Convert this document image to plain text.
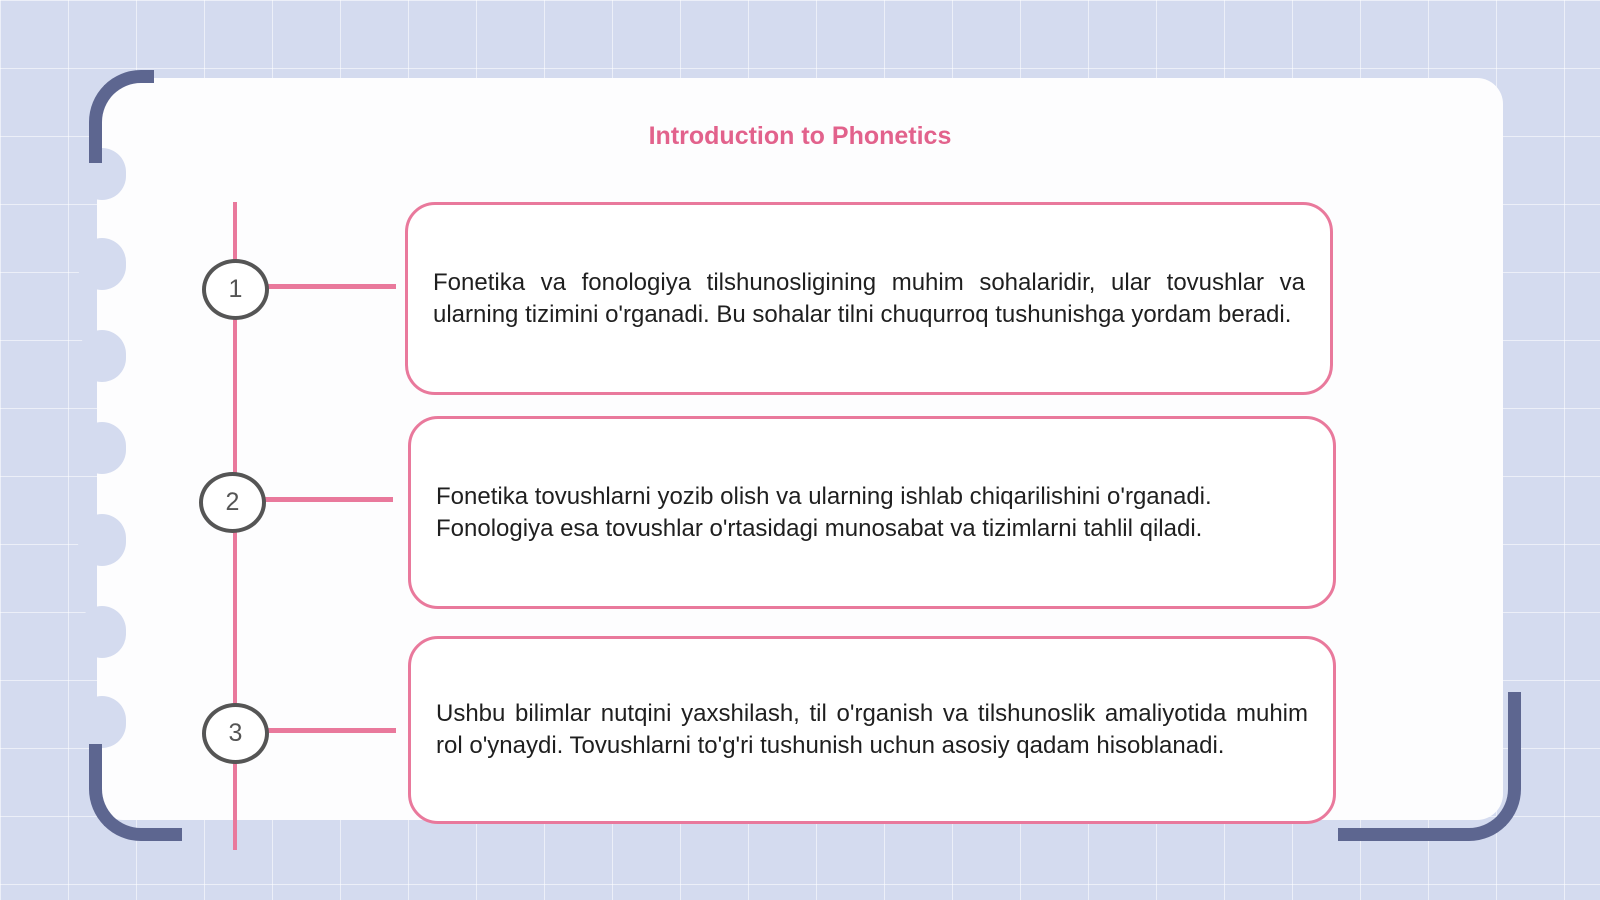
Introduction to Phonetics
1
2
3

Fonetika va fonologiya tilshunosligining muhim sohalaridir, ular tovushlar va ularning tizimini o'rganadi. Bu sohalar tilni chuqurroq tushunishga yordam beradi.

Fonetika tovushlarni yozib olish va ularning ishlab chiqarilishini o'rganadi. Fonologiya esa tovushlar o'rtasidagi munosabat va tizimlarni tahlil qiladi.

Ushbu bilimlar nutqini yaxshilash, til o'rganish va tilshunoslik amaliyotida muhim rol o'ynaydi. Tovushlarni to'g'ri tushunish uchun asosiy qadam hisoblanadi.
